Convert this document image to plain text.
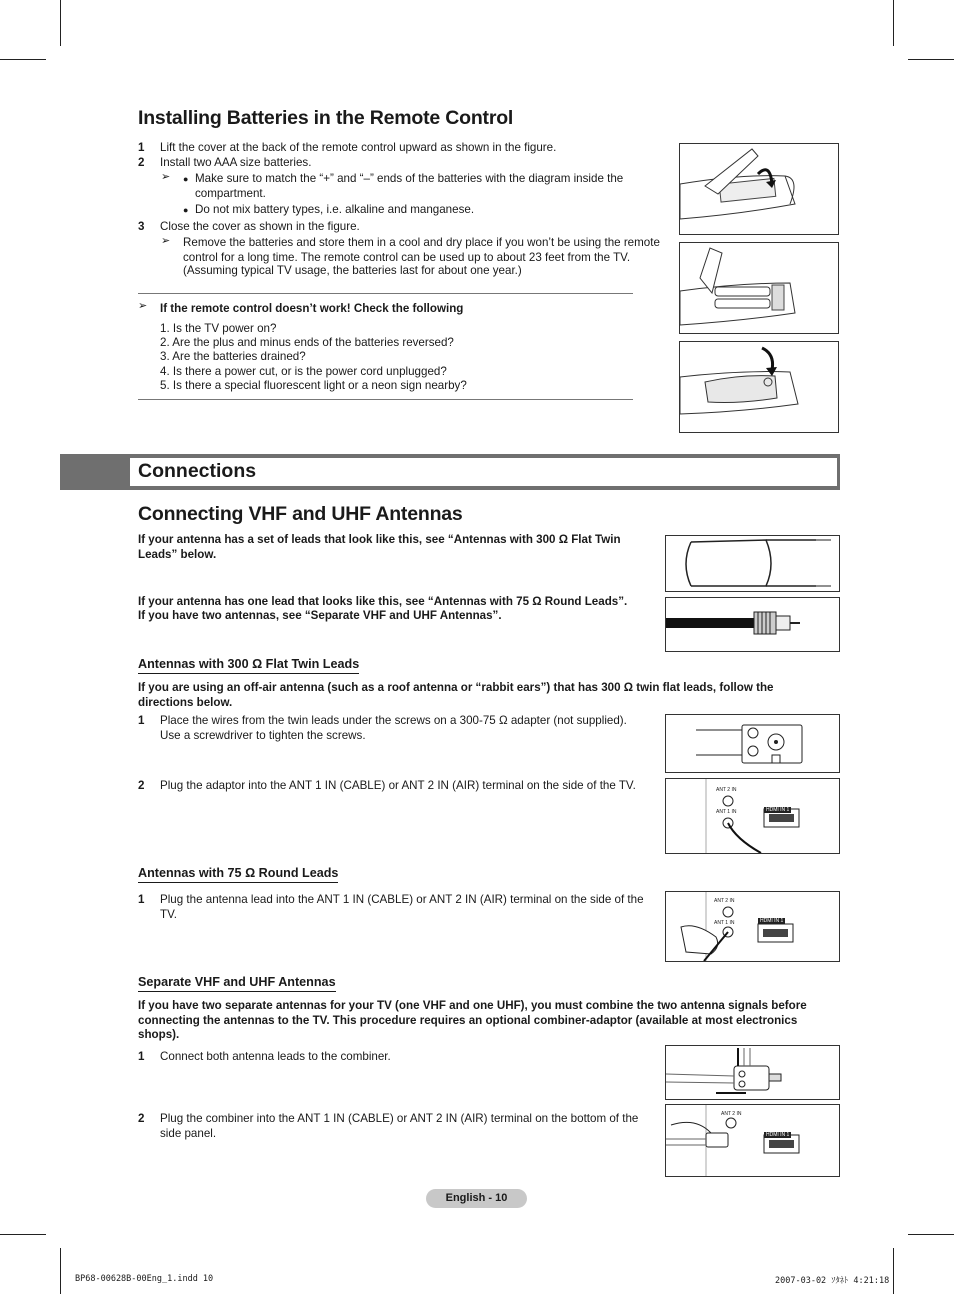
Installing Batteries in the Remote Control
1 Lift the cover at the back of the remote control upward as shown in the figure.
2 Install two AAA size batteries.
➢ ● Make sure to match the “+” and “–” ends of the batteries with the diagram inside the compartment.
● Do not mix battery types, i.e. alkaline and manganese.
3 Close the cover as shown in the figure.
➢ Remove the batteries and store them in a cool and dry place if you won’t be using the remote control for a long time. The remote control can be used up to about 23 feet from the TV.
(Assuming typical TV usage, the batteries last for about one year.)
➢ If the remote control doesn’t work! Check the following
1. Is the TV power on?
2. Are the plus and minus ends of the batteries reversed?
3. Are the batteries drained?
4. Is there a power cut, or is the power cord unplugged?
5. Is there a special fluorescent light or a neon sign nearby?
Connections
Connecting VHF and UHF Antennas
If your antenna has a set of leads that look like this, see “Antennas with 300 Ω Flat Twin Leads” below.
If your antenna has one lead that looks like this, see “Antennas with 75 Ω Round Leads”.
If you have two antennas, see “Separate VHF and UHF Antennas”.
Antennas with 300 Ω Flat Twin Leads
If you are using an off-air antenna (such as a roof antenna or “rabbit ears”) that has 300 Ω twin flat leads, follow the directions below.
1 Place the wires from the twin leads under the screws on a 300-75 Ω adapter (not supplied). Use a screwdriver to tighten the screws.
2 Plug the adaptor into the ANT 1 IN (CABLE) or ANT 2 IN (AIR) terminal on the side of the TV.	ANT 2 IN
ANT 1 IN	HDMI IN 1
Antennas with 75 Ω Round Leads
1 Plug the antenna lead into the ANT 1 IN (CABLE) or ANT 2 IN (AIR) terminal on the side of the TV.
ANT 2 IN
ANT 1 IN	HDMI IN 1
Separate VHF and UHF Antennas
If you have two separate antennas for your TV (one VHF and one UHF), you must combine the two antenna signals before connecting the antennas to the TV. This procedure requires an optional combiner-adaptor (available at most electronics shops).
1 Connect both antenna leads to the combiner.
2 Plug the combiner into the ANT 1 IN (CABLE) or ANT 2 IN (AIR) terminal on the bottom of the side panel.
ANT 2 IN
HDMI IN 1
English - 10
BP68-00628B-00Eng_1.indd 10	2007-03-02 ｿﾀﾈﾄ 4:21:18
